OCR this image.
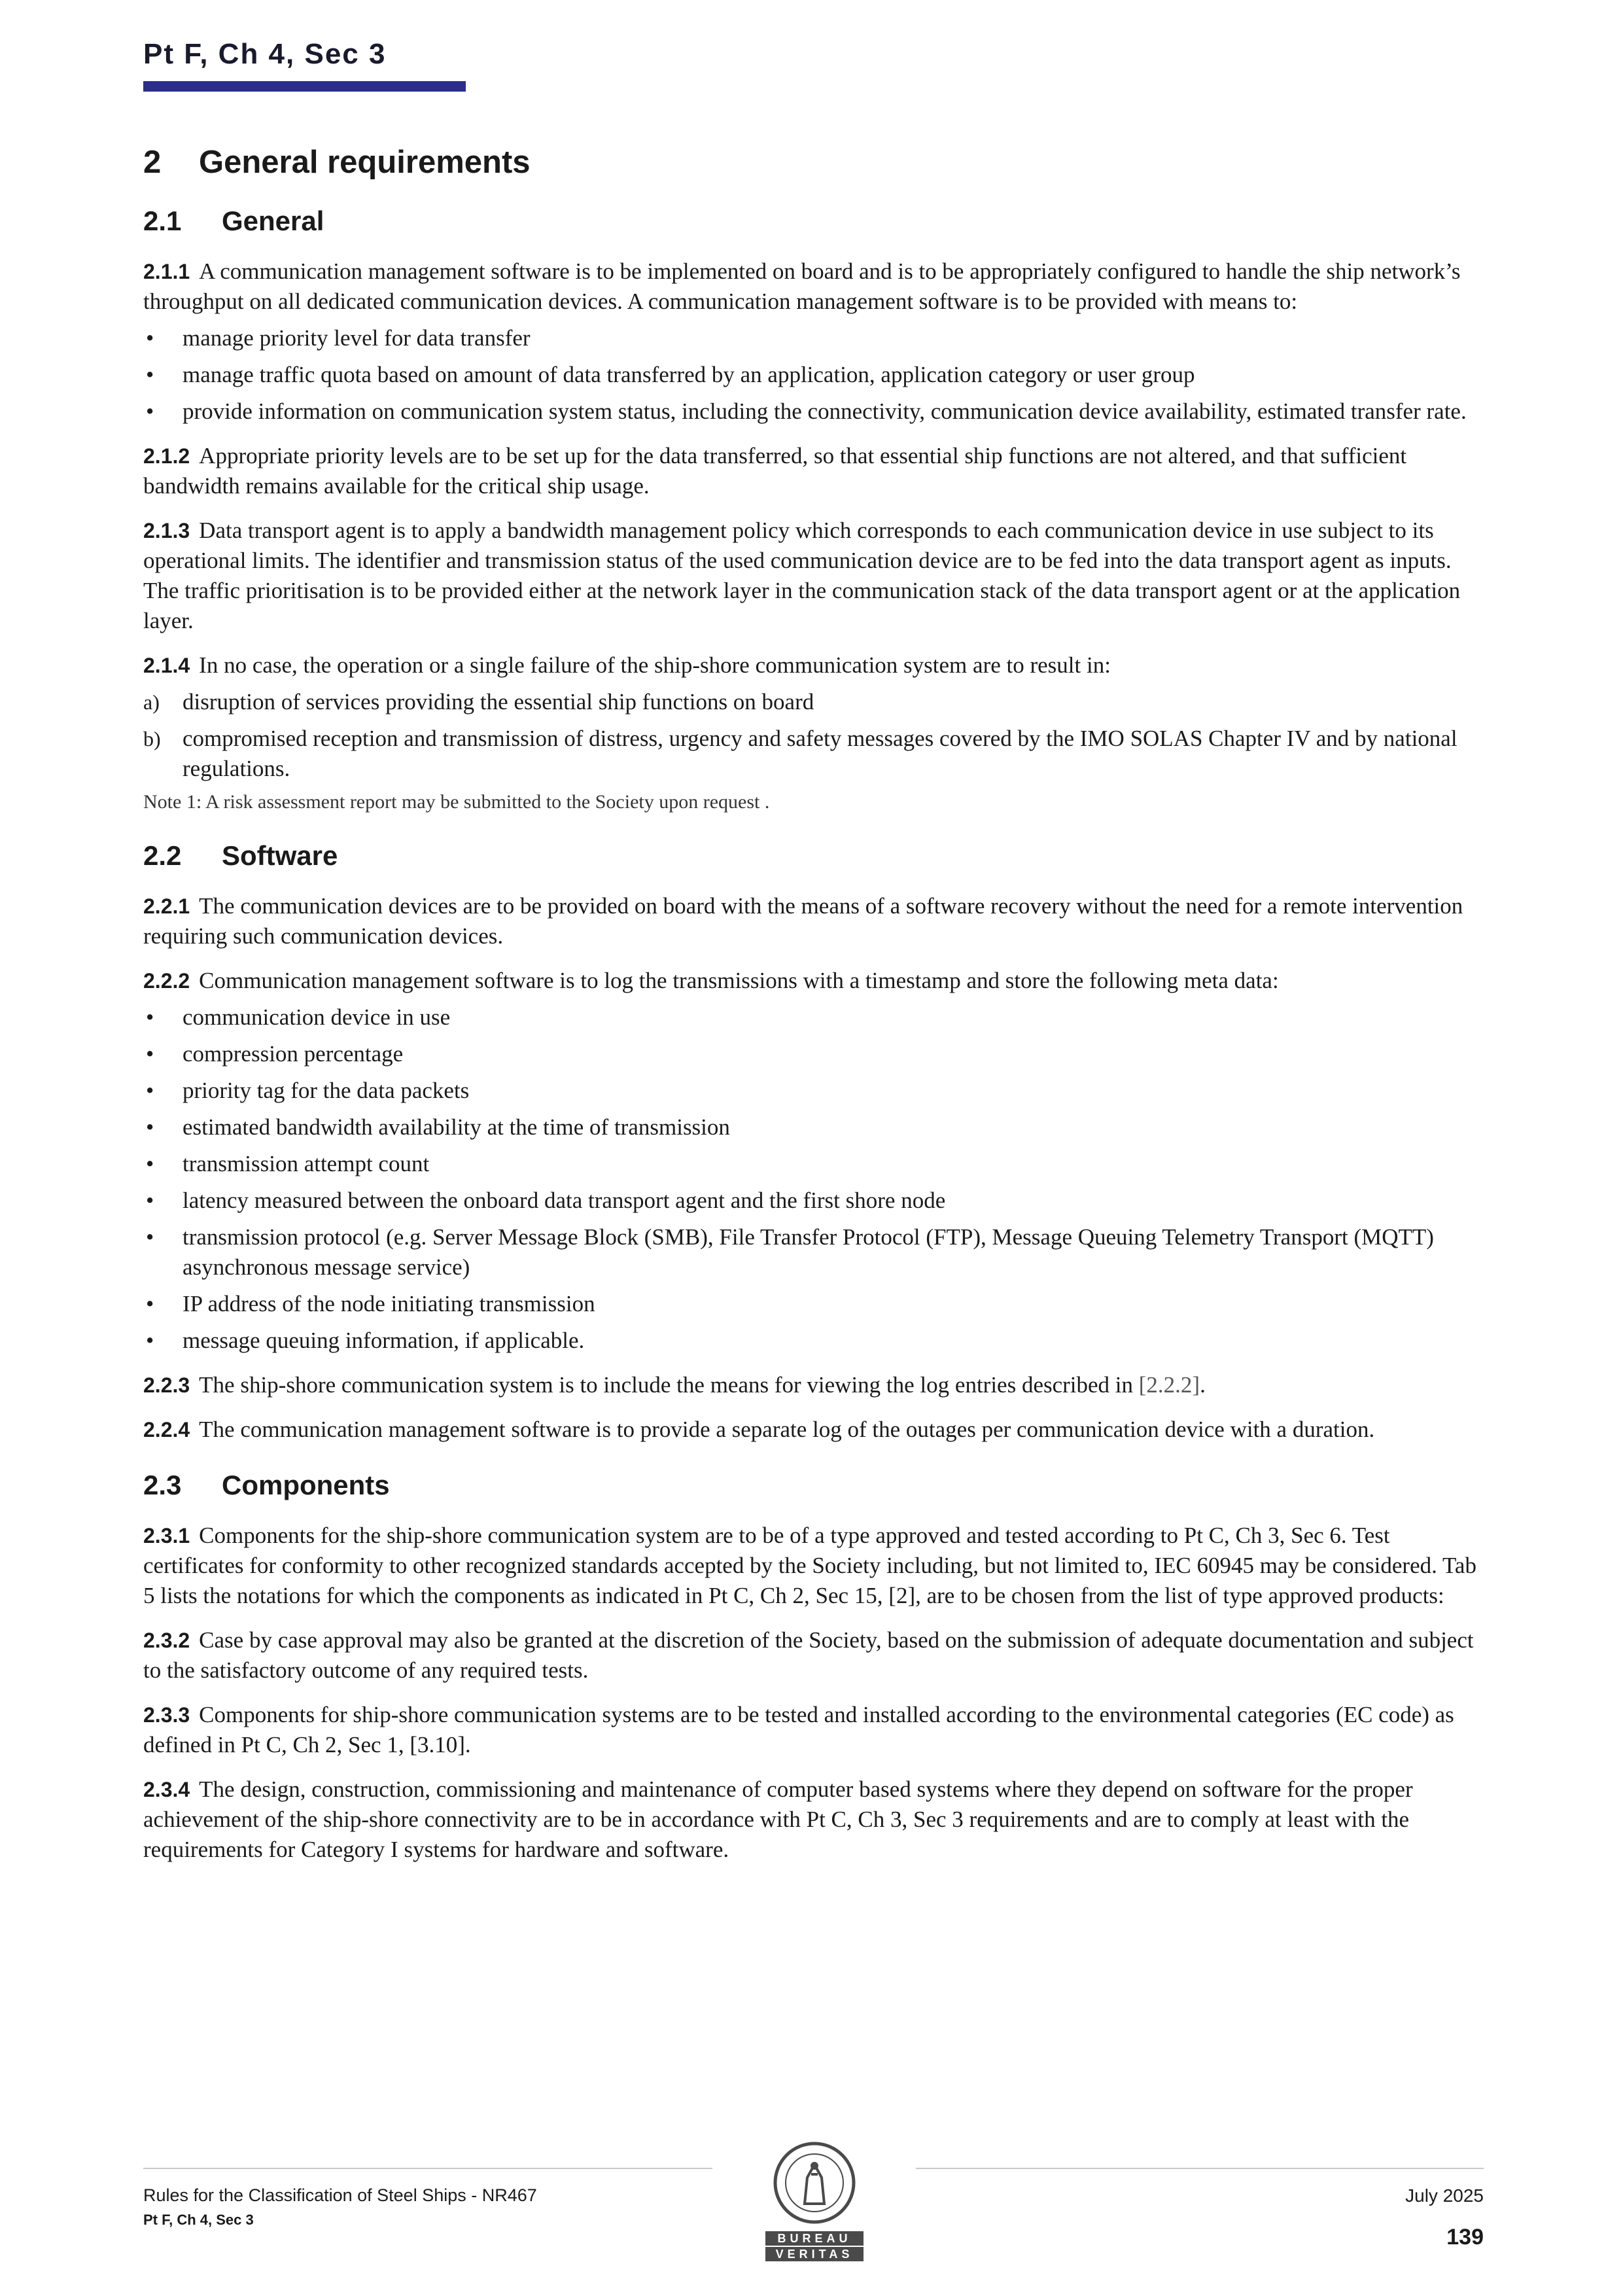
Pt F, Ch 4, Sec 3
2 General requirements
2.1 General

2.1.1 A communication management software is to be implemented on board and is to be appropriately configured to handle the ship network’s throughput on all dedicated communication devices. A communication management software is to be provided with means to:

• manage priority level for data transfer
• manage traffic quota based on amount of data transferred by an application, application category or user group
• provide information on communication system status, including the connectivity, communication device availability, estimated transfer rate.

2.1.2 Appropriate priority levels are to be set up for the data transferred, so that essential ship functions are not altered, and that sufficient bandwidth remains available for the critical ship usage.

2.1.3 Data transport agent is to apply a bandwidth management policy which corresponds to each communication device in use subject to its operational limits. The identifier and transmission status of the used communication device are to be fed into the data transport agent as inputs. The traffic prioritisation is to be provided either at the network layer in the communication stack of the data transport agent or at the application layer.

2.1.4 In no case, the operation or a single failure of the ship-shore communication system are to result in:

a) disruption of services providing the essential ship functions on board
b) compromised reception and transmission of distress, urgency and safety messages covered by the IMO SOLAS Chapter IV and by national regulations.
Note 1: A risk assessment report may be submitted to the Society upon request .
2.2 Software

2.2.1 The communication devices are to be provided on board with the means of a software recovery without the need for a remote intervention requiring such communication devices.

2.2.2 Communication management software is to log the transmissions with a timestamp and store the following meta data:

• communication device in use
• compression percentage
• priority tag for the data packets
• estimated bandwidth availability at the time of transmission
• transmission attempt count
• latency measured between the onboard data transport agent and the first shore node
• transmission protocol (e.g. Server Message Block (SMB), File Transfer Protocol (FTP), Message Queuing Telemetry Transport (MQTT) asynchronous message service)
• IP address of the node initiating transmission
• message queuing information, if applicable.

2.2.3 The ship-shore communication system is to include the means for viewing the log entries described in [2.2.2].

2.2.4 The communication management software is to provide a separate log of the outages per communication device with a duration.

2.3 Components

2.3.1 Components for the ship-shore communication system are to be of a type approved and tested according to Pt C, Ch 3, Sec 6. Test certificates for conformity to other recognized standards accepted by the Society including, but not limited to, IEC 60945 may be considered. Tab 5 lists the notations for which the components as indicated in Pt C, Ch 2, Sec 15, [2], are to be chosen from the list of type approved products:

2.3.2 Case by case approval may also be granted at the discretion of the Society, based on the submission of adequate documentation and subject to the satisfactory outcome of any required tests.

2.3.3 Components for ship-shore communication systems are to be tested and installed according to the environmental categories (EC code) as defined in Pt C, Ch 2, Sec 1, [3.10].

2.3.4 The design, construction, commissioning and maintenance of computer based systems where they depend on software for the proper achievement of the ship-shore connectivity are to be in accordance with Pt C, Ch 3, Sec 3 requirements and are to comply at least with the requirements for Category I systems for hardware and software.

Rules for the Classification of Steel Ships - NR467
Pt F, Ch 4, Sec 3
July 2025
139
BUREAU
VERITAS
